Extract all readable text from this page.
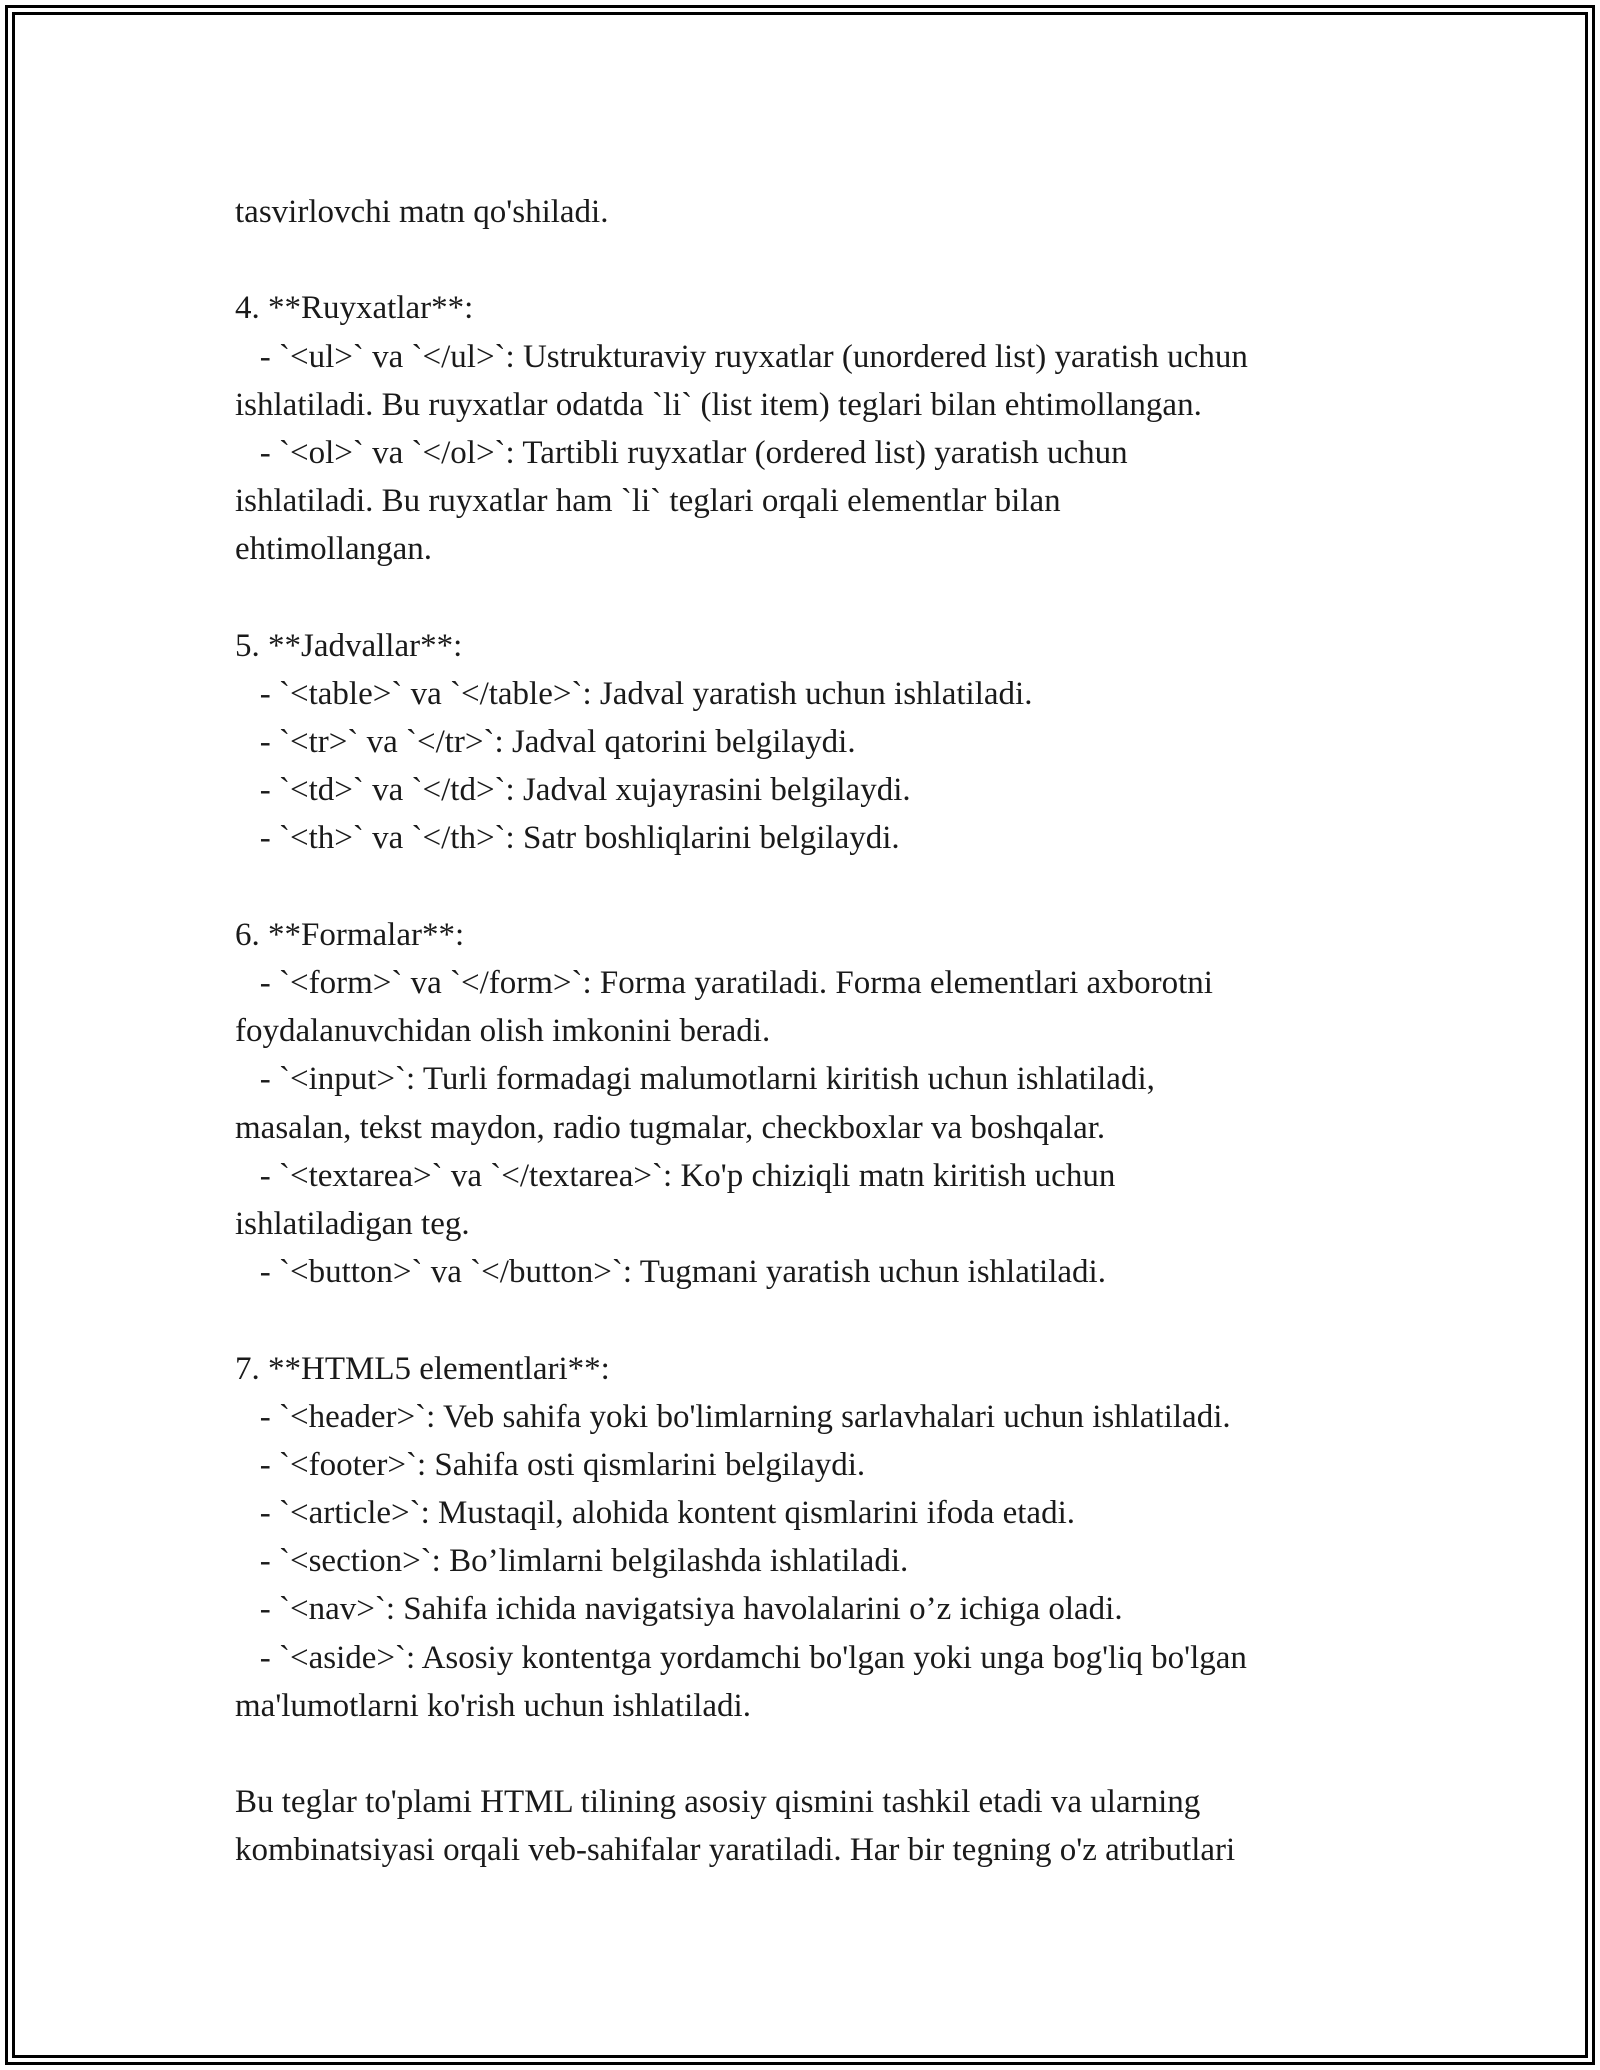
tasvirlovchi matn qo'shiladi.
4. **Ruyxatlar**:
- `<ul>` va `</ul>`: Ustrukturaviy ruyxatlar (unordered list) yaratish uchun
ishlatiladi. Bu ruyxatlar odatda `li` (list item) teglari bilan ehtimollangan.
- `<ol>` va `</ol>`: Tartibli ruyxatlar (ordered list) yaratish uchun
ishlatiladi. Bu ruyxatlar ham `li` teglari orqali elementlar bilan
ehtimollangan.
5. **Jadvallar**:
- `<table>` va `</table>`: Jadval yaratish uchun ishlatiladi.
- `<tr>` va `</tr>`: Jadval qatorini belgilaydi.
- `<td>` va `</td>`: Jadval xujayrasini belgilaydi.
- `<th>` va `</th>`: Satr boshliqlarini belgilaydi.
6. **Formalar**:
- `<form>` va `</form>`: Forma yaratiladi. Forma elementlari axborotni
foydalanuvchidan olish imkonini beradi.
- `<input>`: Turli formadagi malumotlarni kiritish uchun ishlatiladi,
masalan, tekst maydon, radio tugmalar, checkboxlar va boshqalar.
- `<textarea>` va `</textarea>`: Ko'p chiziqli matn kiritish uchun
ishlatiladigan teg.
- `<button>` va `</button>`: Tugmani yaratish uchun ishlatiladi.
7. **HTML5 elementlari**:
- `<header>`: Veb sahifa yoki bo'limlarning sarlavhalari uchun ishlatiladi.
- `<footer>`: Sahifa osti qismlarini belgilaydi.
- `<article>`: Mustaqil, alohida kontent qismlarini ifoda etadi.
- `<section>`: Bo’limlarni belgilashda ishlatiladi.
- `<nav>`: Sahifa ichida navigatsiya havolalarini o’z ichiga oladi.
- `<aside>`: Asosiy kontentga yordamchi bo'lgan yoki unga bog'liq bo'lgan
ma'lumotlarni ko'rish uchun ishlatiladi.
Bu teglar to'plami HTML tilining asosiy qismini tashkil etadi va ularning
kombinatsiyasi orqali veb-sahifalar yaratiladi. Har bir tegning o'z atributlari
